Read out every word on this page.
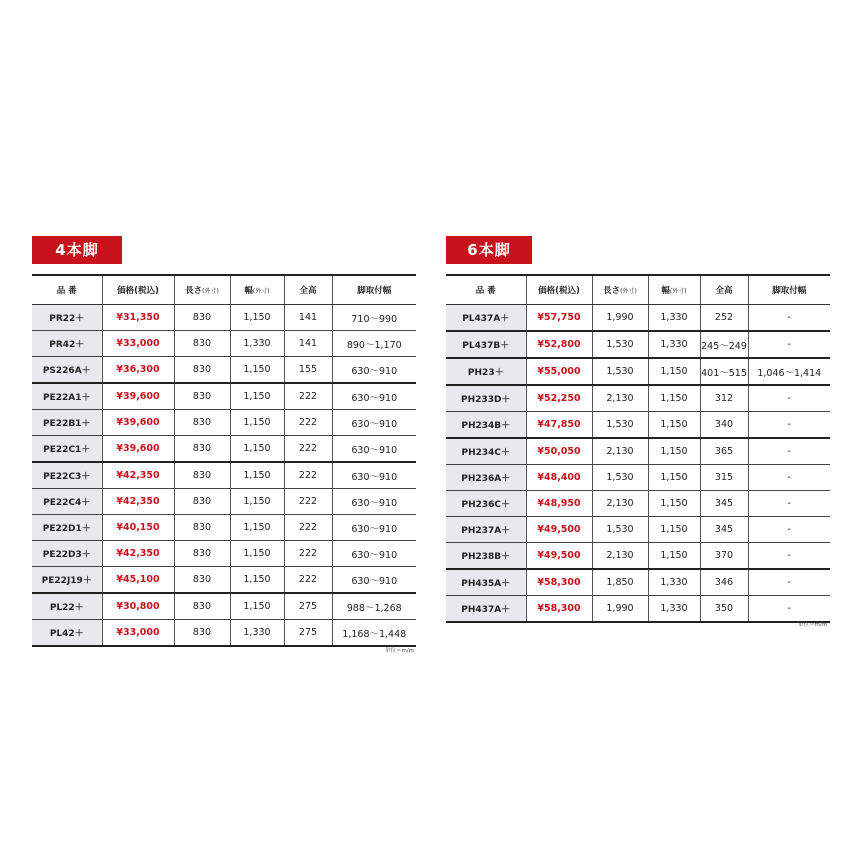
4本脚
品 番	価格(税込)	長さ(外寸)	幅(外寸)	全高	脚取付幅
PR22＋	¥31,350	830	1,150	141	710～990
PR42＋	¥33,000	830	1,330	141	890～1,170
PS226A＋	¥36,300	830	1,150	155	630～910
PE22A1＋	¥39,600	830	1,150	222	630～910
PE22B1＋	¥39,600	830	1,150	222	630～910
PE22C1＋	¥39,600	830	1,150	222	630～910
PE22C3＋	¥42,350	830	1,150	222	630～910
PE22C4＋	¥42,350	830	1,150	222	630～910
PE22D1＋	¥40,150	830	1,150	222	630～910
PE22D3＋	¥42,350	830	1,150	222	630～910
PE22J19＋	¥45,100	830	1,150	222	630～910
PL22＋	¥30,800	830	1,150	275	988～1,268
PL42＋	¥33,000	830	1,330	275	1,168～1,448
単位＝m/m
6本脚
品 番	価格(税込)	長さ(外寸)	幅(外寸)	全高	脚取付幅
PL437A＋	¥57,750	1,990	1,330	252	-
PL437B＋	¥52,800	1,530	1,330	245～249	-
PH23＋	¥55,000	1,530	1,150	401～515	1,046～1,414
PH233D＋	¥52,250	2,130	1,150	312	-
PH234B＋	¥47,850	1,530	1,150	340	-
PH234C＋	¥50,050	2,130	1,150	365	-
PH236A＋	¥48,400	1,530	1,150	315	-
PH236C＋	¥48,950	2,130	1,150	345	-
PH237A＋	¥49,500	1,530	1,150	345	-
PH238B＋	¥49,500	2,130	1,150	370	-
PH435A＋	¥58,300	1,850	1,330	346	-
PH437A＋	¥58,300	1,990	1,330	350	-
単位＝m/m
